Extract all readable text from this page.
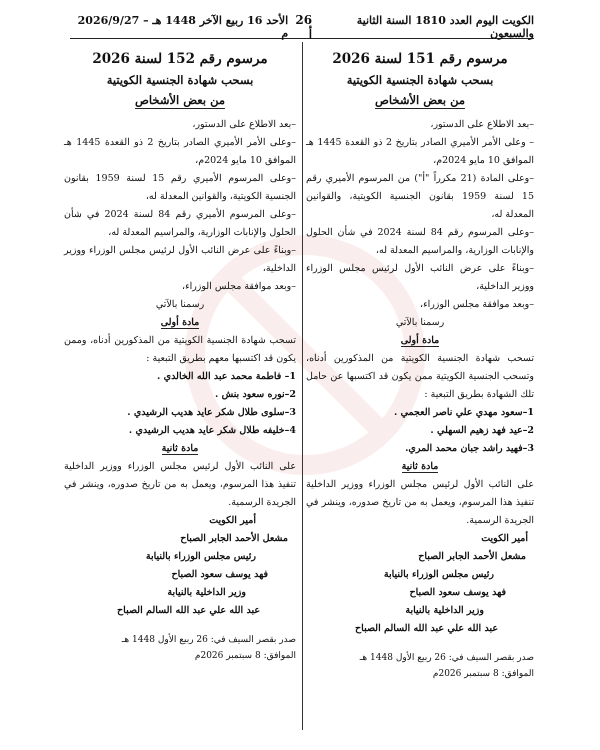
الكويت اليوم العدد 1810 السنة الثانية والسبعون
26 أ
الأحد 16 ربيع الآخر 1448 هـ – 2026/9/27 م
مرسوم رقم 151 لسنة 2026
بسحب شهادة الجنسية الكويتية
من بعض الأشخاص
–بعد الاطلاع على الدستور،
– وعلى الأمر الأميري الصادر بتاريخ 2 ذو القعدة 1445 هـ الموافق 10 مايو 2024م،
–وعلى المادة (21 مكرراً "أ") من المرسوم الأميري رقم 15 لسنة 1959 بقانون الجنسية الكويتية، والقوانين المعدلة له،
–وعلى المرسوم رقم 84 لسنة 2024 في شأن الحلول والإنابات الوزارية، والمراسيم المعدلة له،
–وبناءً على عرض النائب الأول لرئيس مجلس الوزراء ووزير الداخلية،
–وبعد موافقة مجلس الوزراء،
رسمنا بالآتي
مادة أولى
تسحب شهادة الجنسية الكويتية من المذكورين أدناه، وتسحب الجنسية الكويتية ممن يكون قد اكتسبها عن حامل تلك الشهادة بطريق التبعية :
1–سعود مهدي علي ناصر العجمي .
2–عيد فهد زهيم السهلي .
3–فهيد راشد جبان محمد المري.
مادة ثانية
على النائب الأول لرئيس مجلس الوزراء ووزير الداخلية تنفيذ هذا المرسوم، ويعمل به من تاريخ صدوره، وينشر في الجريدة الرسمية.
أمير الكويت
مشعل الأحمد الجابر الصباح
رئيس مجلس الوزراء بالنيابة
فهد يوسف سعود الصباح
وزير الداخلية بالنيابة
عبد الله علي عبد الله السالم الصباح
صدر بقصر السيف في: 26 ربيع الأول 1448 هـ
الموافق: 8 سبتمبر 2026م
مرسوم رقم 152 لسنة 2026
بسحب شهادة الجنسية الكويتية
من بعض الأشخاص
–بعد الاطلاع على الدستور،
–وعلى الأمر الأميري الصادر بتاريخ 2 ذو القعدة 1445 هـ الموافق 10 مايو 2024م،
–وعلى المرسوم الأميري رقم 15 لسنة 1959 بقانون الجنسية الكويتية، والقوانين المعدلة له،
–وعلى المرسوم الأميري رقم 84 لسنة 2024 في شأن الحلول والإنابات الوزارية، والمراسيم المعدلة له،
–وبناءً على عرض النائب الأول لرئيس مجلس الوزراء ووزير الداخلية،
–وبعد موافقة مجلس الوزراء،
رسمنا بالآتي
مادة أولى
تسحب شهادة الجنسية الكويتية من المذكورين أدناه، وممن يكون قد اكتسبها معهم بطريق التبعية :
1– فاطمة محمد عبد الله الخالدي .
2–نوره سعود بنش .
3–سلوى طلال شكر عايد هديب الرشيدي .
4–خليفه طلال شكر عايد هديب الرشيدي .
مادة ثانية
على النائب الأول لرئيس مجلس الوزراء ووزير الداخلية تنفيذ هذا المرسوم، ويعمل به من تاريخ صدوره، وينشر في الجريدة الرسمية.
أمير الكويت
مشعل الأحمد الجابر الصباح
رئيس مجلس الوزراء بالنيابة
فهد يوسف سعود الصباح
وزير الداخلية بالنيابة
عبد الله علي عبد الله السالم الصباح
صدر بقصر السيف في: 26 ربيع الأول 1448 هـ
الموافق: 8 سبتمبر 2026م
